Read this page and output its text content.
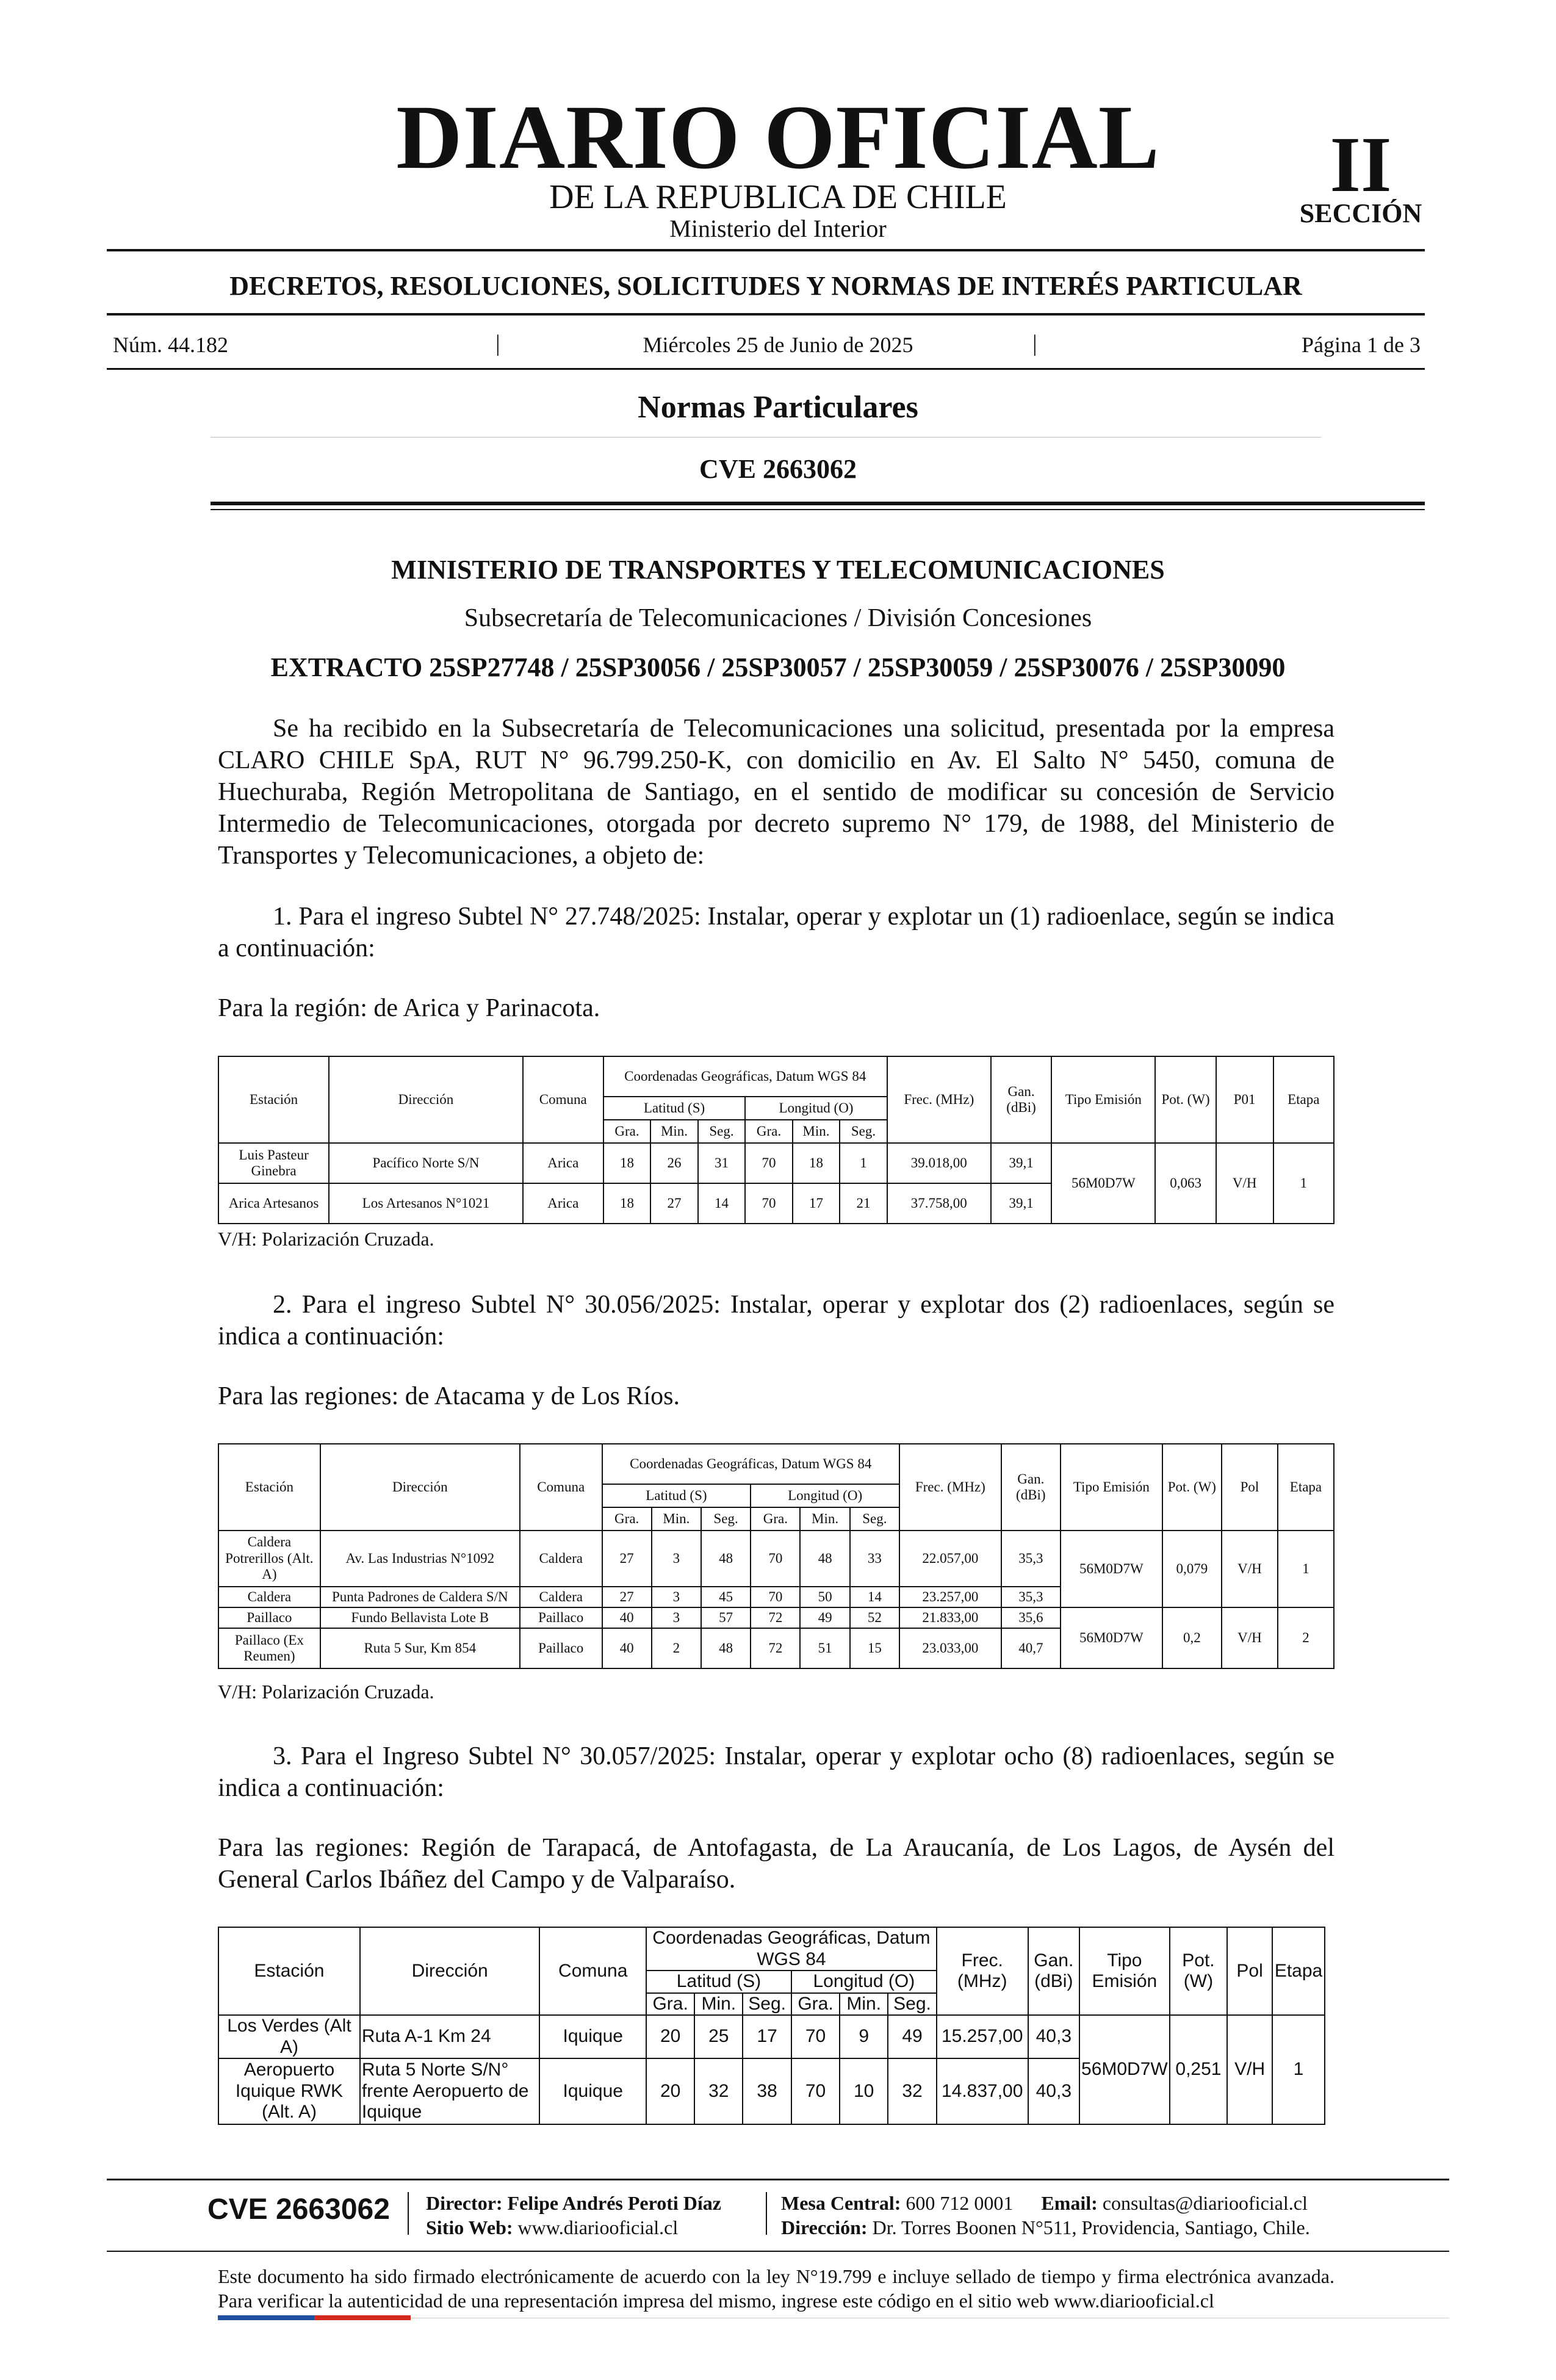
DIARIO OFICIAL
DE LA REPUBLICA DE CHILE
Ministerio del Interior
II
SECCIÓN
DECRETOS, RESOLUCIONES, SOLICITUDES Y NORMAS DE INTERÉS PARTICULAR
Núm. 44.182	|	Miércoles 25 de Junio de 2025	|	Página 1 de 3
Normas Particulares
CVE 2663062
MINISTERIO DE TRANSPORTES Y TELECOMUNICACIONES
Subsecretaría de Telecomunicaciones / División Concesiones
EXTRACTO 25SP27748 / 25SP30056 / 25SP30057 / 25SP30059 / 25SP30076 / 25SP30090
Se ha recibido en la Subsecretaría de Telecomunicaciones una solicitud, presentada por la empresa CLARO CHILE SpA, RUT N° 96.799.250-K, con domicilio en Av. El Salto N° 5450, comuna de Huechuraba, Región Metropolitana de Santiago, en el sentido de modificar su concesión de Servicio Intermedio de Telecomunicaciones, otorgada por decreto supremo N° 179, de 1988, del Ministerio de Transportes y Telecomunicaciones, a objeto de:
1. Para el ingreso Subtel N° 27.748/2025: Instalar, operar y explotar un (1) radioenlace, según se indica a continuación:
Para la región: de Arica y Parinacota.
Estación	Dirección	Comuna	Coordenadas Geográficas, Datum WGS 84						Frec. (MHz)	Gan. (dBi)	Tipo Emisión	Pot. (W)	P01	Etapa
			Latitud (S)			Longitud (O)								
			Gra.	Min.	Seg.	Gra.	Min.	Seg.						
Luis Pasteur Ginebra	Pacífico Norte S/N	Arica	18	26	31	70	18	1	39.018,00	39,1	56M0D7W	0,063	V/H	1
Arica Artesanos	Los Artesanos N°1021	Arica	18	27	14	70	17	21	37.758,00	39,1				
V/H: Polarización Cruzada.
2. Para el ingreso Subtel N° 30.056/2025: Instalar, operar y explotar dos (2) radioenlaces, según se indica a continuación:
Para las regiones: de Atacama y de Los Ríos.
Estación	Dirección	Comuna	Coordenadas Geográficas, Datum WGS 84						Frec. (MHz)	Gan. (dBi)	Tipo Emisión	Pot. (W)	Pol	Etapa
			Latitud (S)			Longitud (O)								
			Gra.	Min.	Seg.	Gra.	Min.	Seg.						
Caldera Potrerillos (Alt. A)	Av. Las Industrias N°1092	Caldera	27	3	48	70	48	33	22.057,00	35,3	56M0D7W	0,079	V/H	1
Caldera	Punta Padrones de Caldera S/N	Caldera	27	3	45	70	50	14	23.257,00	35,3				
Paillaco	Fundo Bellavista Lote B	Paillaco	40	3	57	72	49	52	21.833,00	35,6	56M0D7W	0,2	V/H	2
Paillaco (Ex Reumen)	Ruta 5 Sur, Km 854	Paillaco	40	2	48	72	51	15	23.033,00	40,7				
V/H: Polarización Cruzada.
3. Para el Ingreso Subtel N° 30.057/2025: Instalar, operar y explotar ocho (8) radioenlaces, según se indica a continuación:
Para las regiones: Región de Tarapacá, de Antofagasta, de La Araucanía, de Los Lagos, de Aysén del General Carlos Ibáñez del Campo y de Valparaíso.
Estación	Dirección	Comuna	Coordenadas Geográficas, Datum WGS 84						Frec. (MHz)	Gan. (dBi)	Tipo Emisión	Pot. (W)	Pol	Etapa
			Latitud (S)			Longitud (O)								
			Gra.	Min.	Seg.	Gra.	Min.	Seg.						
Los Verdes (Alt A)	Ruta A-1 Km 24	Iquique	20	25	17	70	9	49	15.257,00	40,3	56M0D7W	0,251	V/H	1
Aeropuerto Iquique RWK (Alt. A)	Ruta 5 Norte S/N° frente Aeropuerto de Iquique	Iquique	20	32	38	70	10	32	14.837,00	40,3				
CVE 2663062 Director: Felipe Andrés Peroti Díaz
Sitio Web: www.diariooficial.cl
Mesa Central: 600 712 0001 Email: consultas@diariooficial.cl
Dirección: Dr. Torres Boonen N°511, Providencia, Santiago, Chile.
Este documento ha sido firmado electrónicamente de acuerdo con la ley N°19.799 e incluye sellado de tiempo y firma electrónica avanzada. Para verificar la autenticidad de una representación impresa del mismo, ingrese este código en el sitio web www.diariooficial.cl
